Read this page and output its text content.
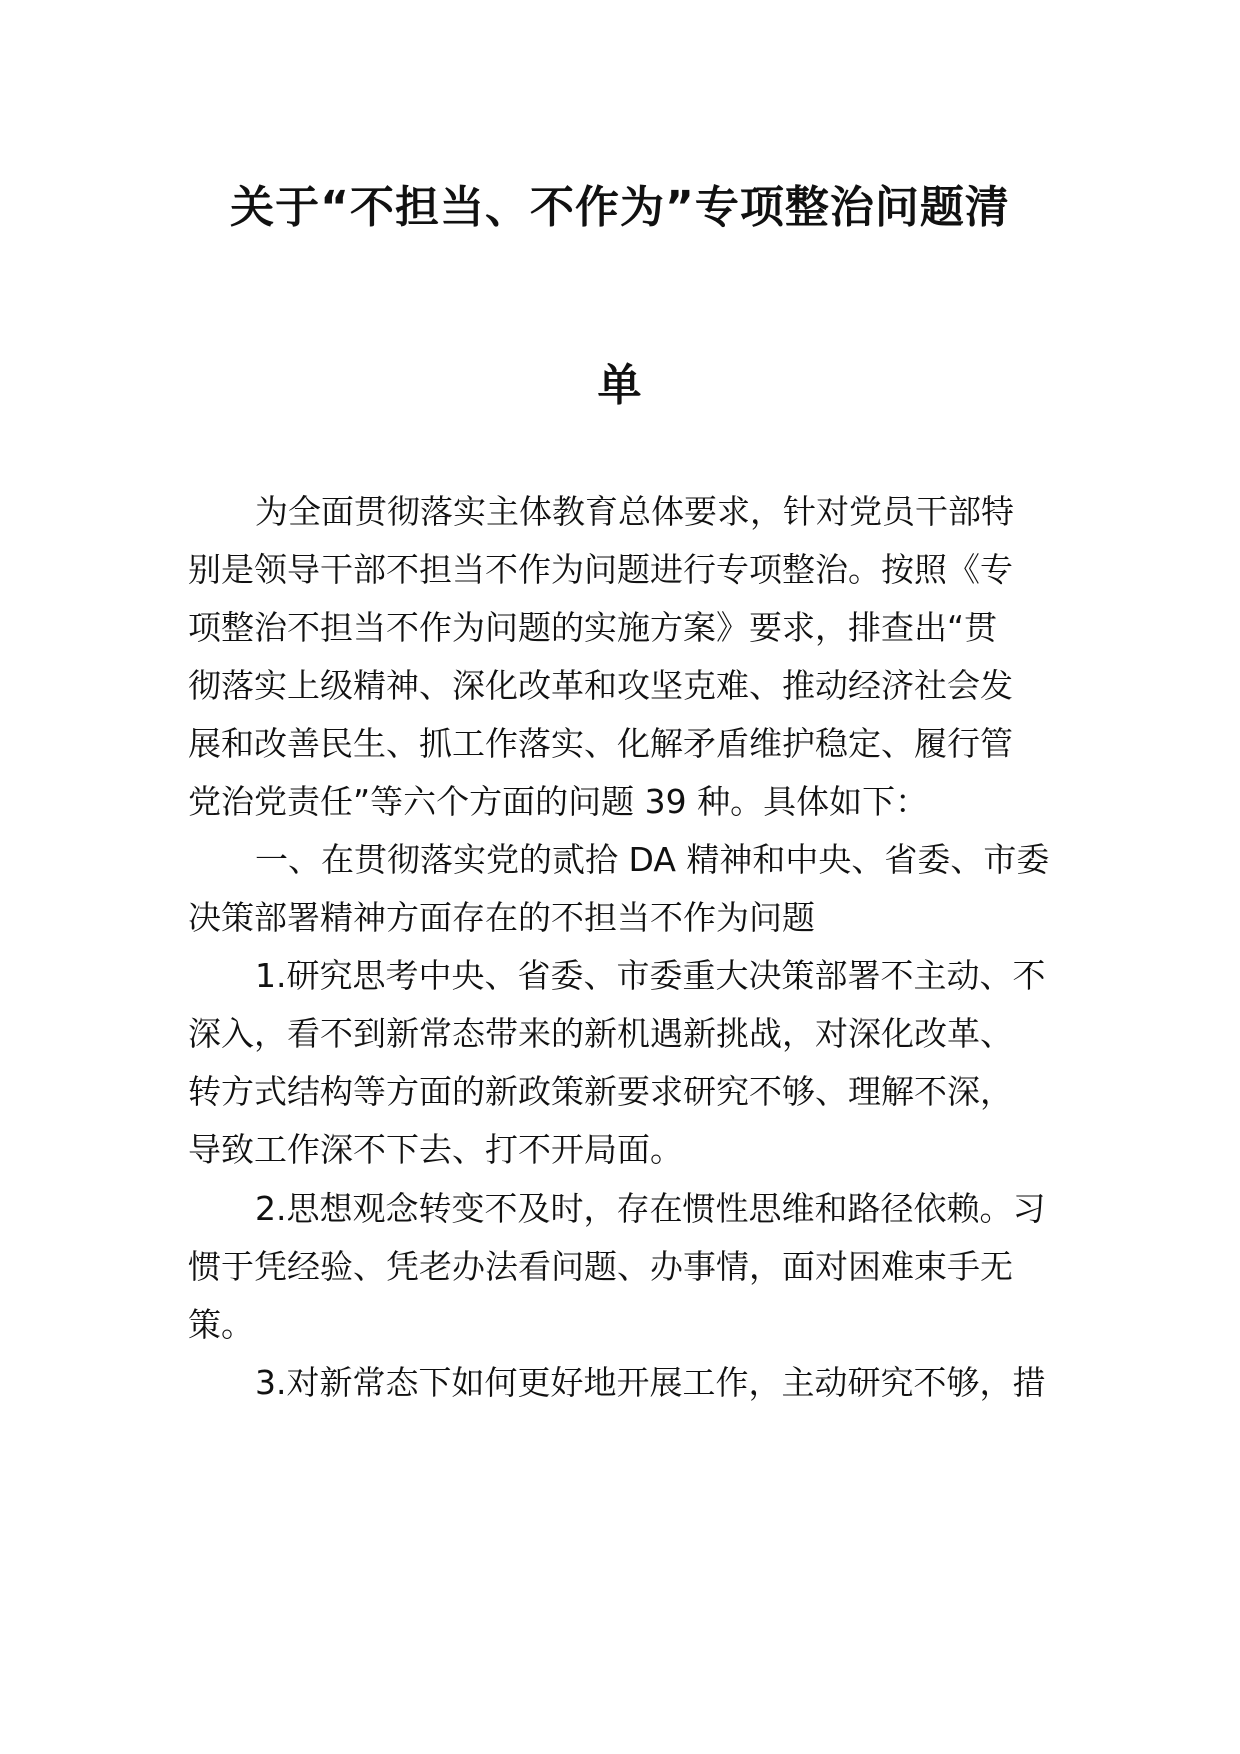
关于“不担当、不作为”专项整治问题清
单
为全面贯彻落实主体教育总体要求，针对党员干部特
别是领导干部不担当不作为问题进行专项整治。按照《专
项整治不担当不作为问题的实施方案》要求，排查出“贯
彻落实上级精神、深化改革和攻坚克难、推动经济社会发
展和改善民生、抓工作落实、化解矛盾维护稳定、履行管
党治党责任”等六个方面的问题 39 种。具体如下：
一、在贯彻落实党的贰拾 DA 精神和中央、省委、市委
决策部署精神方面存在的不担当不作为问题
1.研究思考中央、省委、市委重大决策部署不主动、不
深入，看不到新常态带来的新机遇新挑战，对深化改革、
转方式结构等方面的新政策新要求研究不够、理解不深，
导致工作深不下去、打不开局面。
2.思想观念转变不及时，存在惯性思维和路径依赖。习
惯于凭经验、凭老办法看问题、办事情，面对困难束手无
策。
3.对新常态下如何更好地开展工作，主动研究不够，措
